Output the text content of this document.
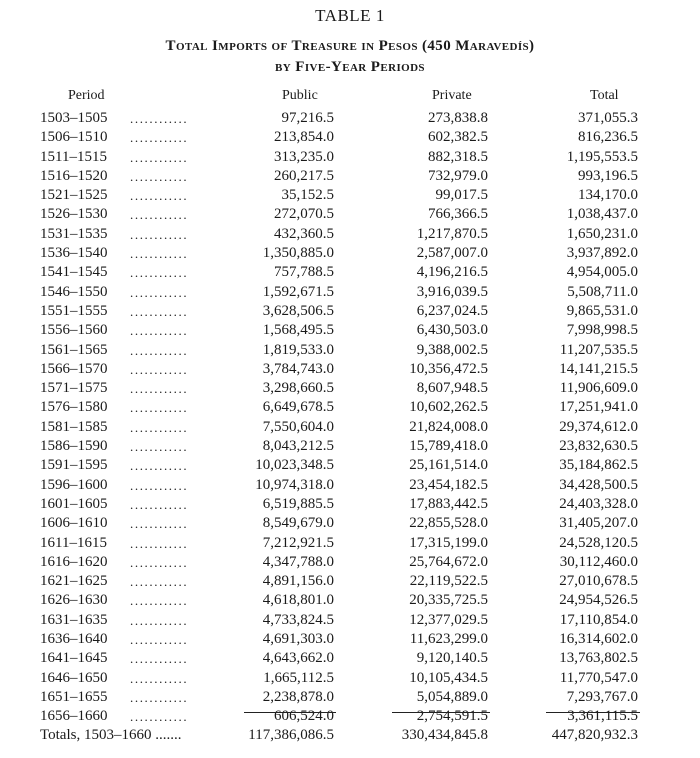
TABLE 1
Total Imports of Treasure in Pesos (450 Maravedís)
by Five-Year Periods
Period	Public	Private	Total
1503–1505 ............	97,216.5	273,838.8	371,055.3
1506–1510 ............	213,854.0	602,382.5	816,236.5
1511–1515 ............	313,235.0	882,318.5	1,195,553.5
1516–1520 ............	260,217.5	732,979.0	993,196.5
1521–1525 ............	35,152.5	99,017.5	134,170.0
1526–1530 ............	272,070.5	766,366.5	1,038,437.0
1531–1535 ............	432,360.5	1,217,870.5	1,650,231.0
1536–1540 ............	1,350,885.0	2,587,007.0	3,937,892.0
1541–1545 ............	757,788.5	4,196,216.5	4,954,005.0
1546–1550 ............	1,592,671.5	3,916,039.5	5,508,711.0
1551–1555 ............	3,628,506.5	6,237,024.5	9,865,531.0
1556–1560 ............	1,568,495.5	6,430,503.0	7,998,998.5
1561–1565 ............	1,819,533.0	9,388,002.5	11,207,535.5
1566–1570 ............	3,784,743.0	10,356,472.5	14,141,215.5
1571–1575 ............	3,298,660.5	8,607,948.5	11,906,609.0
1576–1580 ............	6,649,678.5	10,602,262.5	17,251,941.0
1581–1585 ............	7,550,604.0	21,824,008.0	29,374,612.0
1586–1590 ............	8,043,212.5	15,789,418.0	23,832,630.5
1591–1595 ............	10,023,348.5	25,161,514.0	35,184,862.5
1596–1600 ............	10,974,318.0	23,454,182.5	34,428,500.5
1601–1605 ............	6,519,885.5	17,883,442.5	24,403,328.0
1606–1610 ............	8,549,679.0	22,855,528.0	31,405,207.0
1611–1615 ............	7,212,921.5	17,315,199.0	24,528,120.5
1616–1620 ............	4,347,788.0	25,764,672.0	30,112,460.0
1621–1625 ............	4,891,156.0	22,119,522.5	27,010,678.5
1626–1630 ............	4,618,801.0	20,335,725.5	24,954,526.5
1631–1635 ............	4,733,824.5	12,377,029.5	17,110,854.0
1636–1640 ............	4,691,303.0	11,623,299.0	16,314,602.0
1641–1645 ............	4,643,662.0	9,120,140.5	13,763,802.5
1646–1650 ............	1,665,112.5	10,105,434.5	11,770,547.0
1651–1655 ............	2,238,878.0	5,054,889.0	7,293,767.0
1656–1660 ............	606,524.0	2,754,591.5	3,361,115.5
Totals, 1503–1660 .......	117,386,086.5	330,434,845.8	447,820,932.3
